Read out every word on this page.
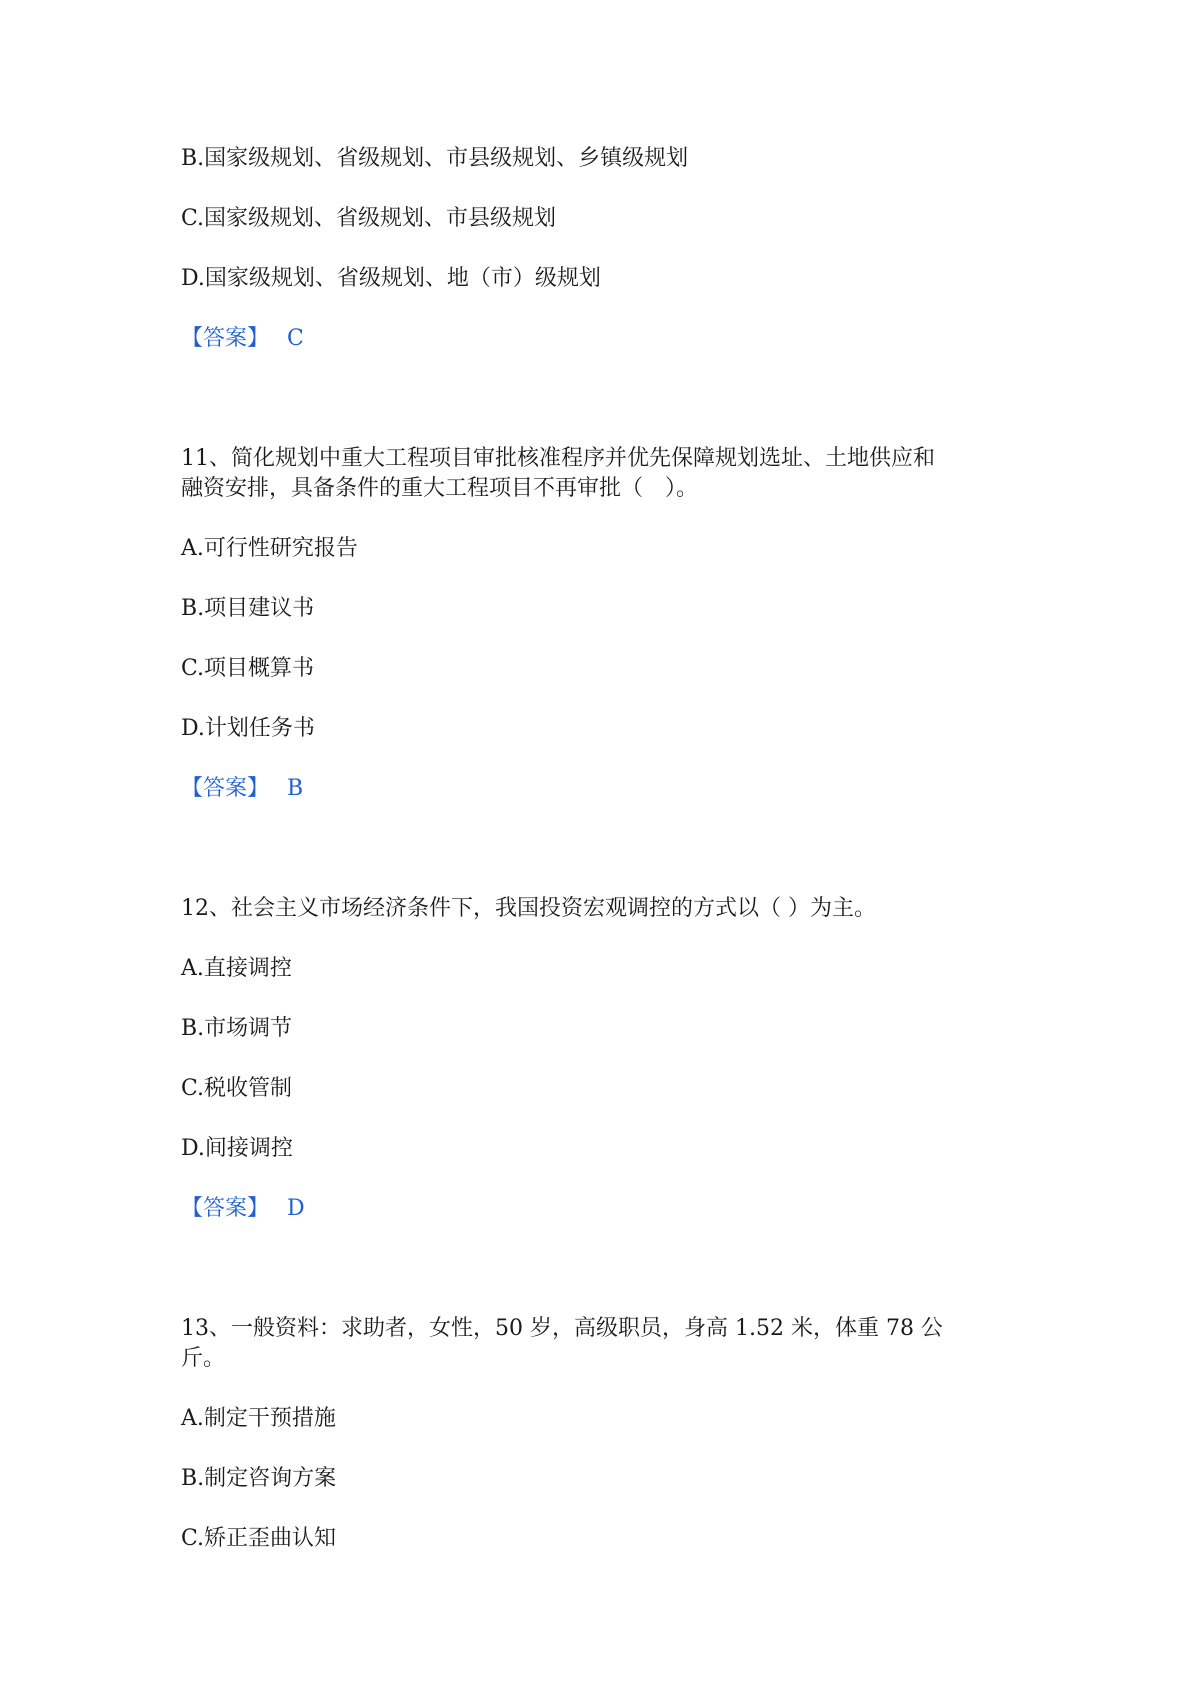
B.国家级规划、省级规划、市县级规划、乡镇级规划
C.国家级规划、省级规划、市县级规划
D.国家级规划、省级规划、地（市）级规划
【答案】 C
11、简化规划中重大工程项目审批核准程序并优先保障规划选址、土地供应和
融资安排，具备条件的重大工程项目不再审批（　）。
A.可行性研究报告
B.项目建议书
C.项目概算书
D.计划任务书
【答案】 B
12、社会主义市场经济条件下，我国投资宏观调控的方式以（ ）为主。
A.直接调控
B.市场调节
C.税收管制
D.间接调控
【答案】 D
13、一般资料：求助者，女性，50 岁，高级职员，身高 1.52 米，体重 78 公
斤。
A.制定干预措施
B.制定咨询方案
C.矫正歪曲认知
